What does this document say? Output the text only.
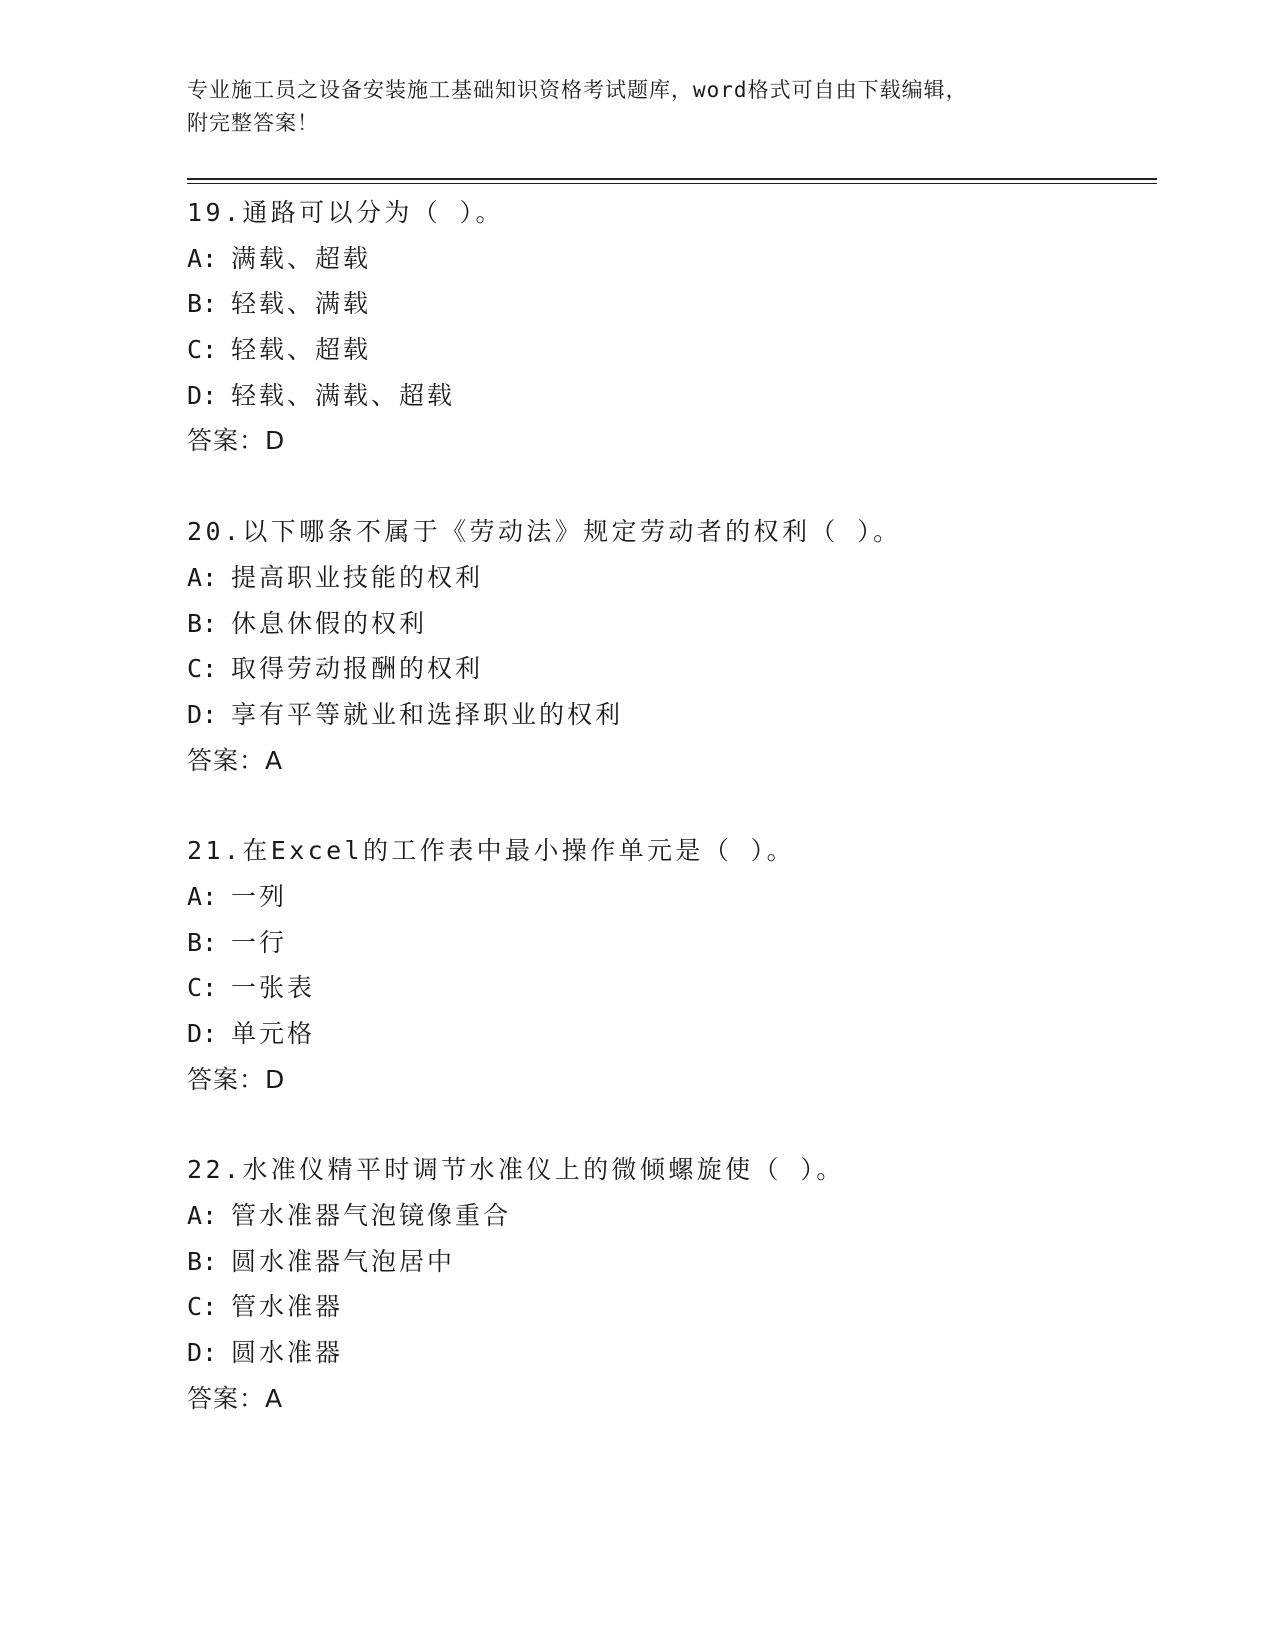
专业施工员之设备安装施工基础知识资格考试题库，word格式可自由下载编辑，
附完整答案！
19.通路可以分为（ ）。
A: 满载、超载
B: 轻载、满载
C: 轻载、超载
D: 轻载、满载、超载
答案：D
20.以下哪条不属于《劳动法》规定劳动者的权利（ ）。
A: 提高职业技能的权利
B: 休息休假的权利
C: 取得劳动报酬的权利
D: 享有平等就业和选择职业的权利
答案：A
21.在Excel的工作表中最小操作单元是（ ）。
A: 一列
B: 一行
C: 一张表
D: 单元格
答案：D
22.水准仪精平时调节水准仪上的微倾螺旋使（ ）。
A: 管水准器气泡镜像重合
B: 圆水准器气泡居中
C: 管水准器
D: 圆水准器
答案：A
